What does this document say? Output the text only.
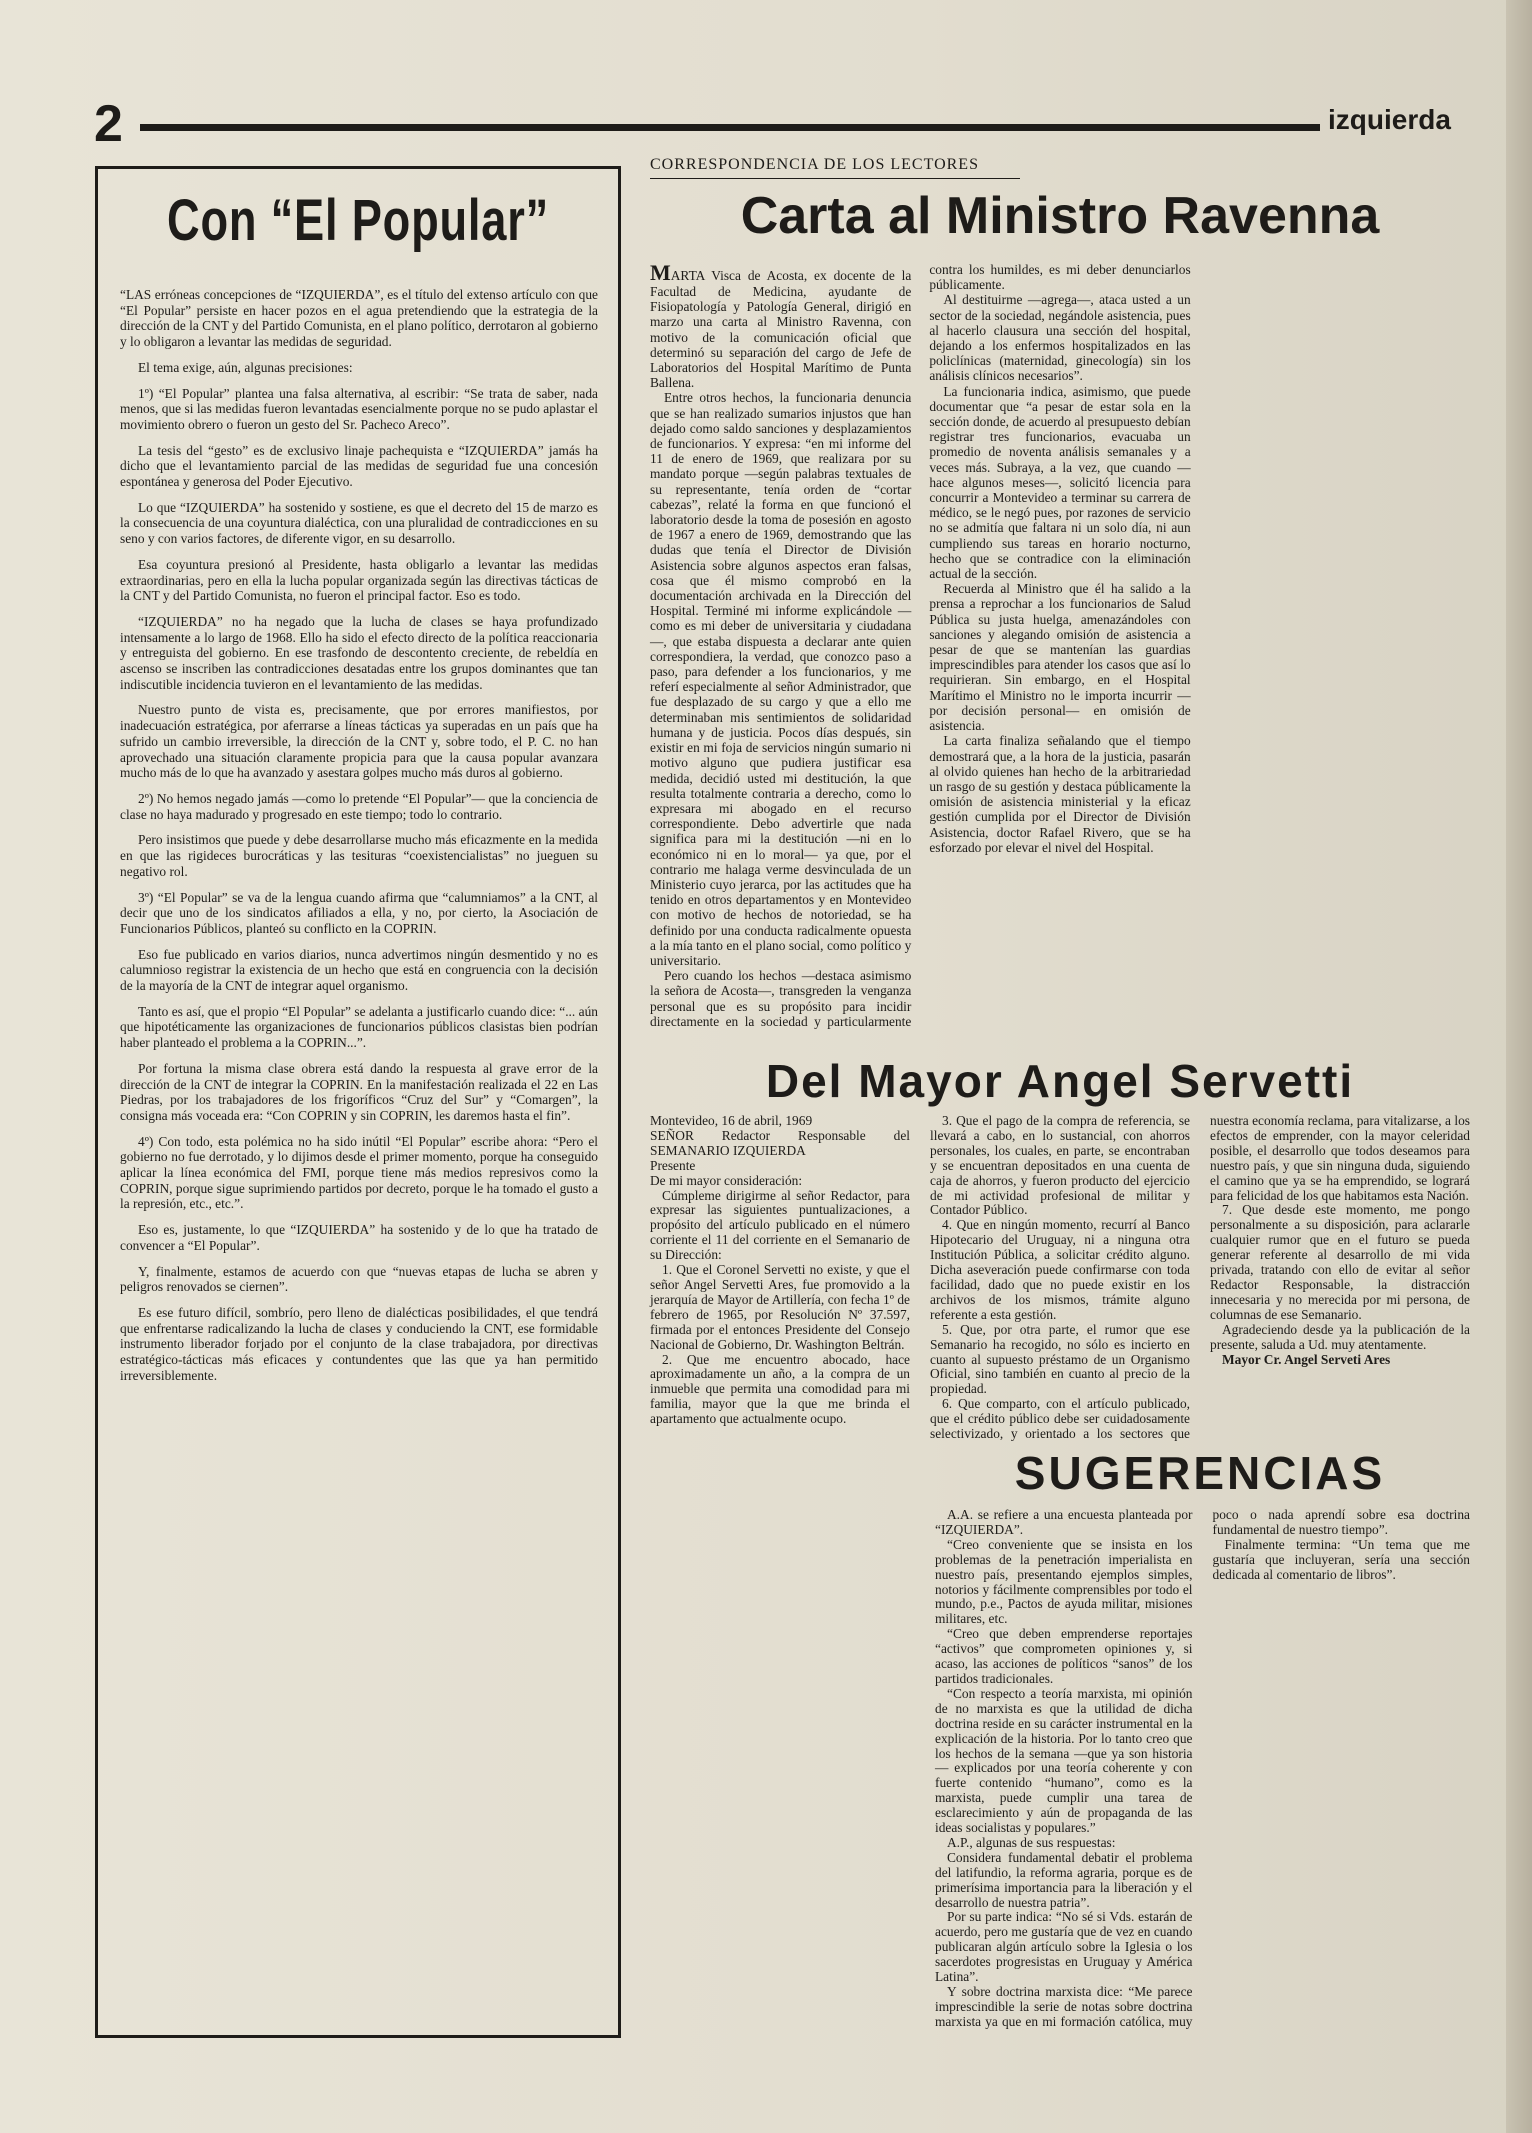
2	izquierda
Con “El Popular”

“LAS erróneas concepciones de “IZQUIERDA”, es el título del extenso artículo con que “El Popular” persiste en hacer pozos en el agua pretendiendo que la estrategia de la dirección de la CNT y del Partido Comunista, en el plano político, derrotaron al gobierno y lo obligaron a levantar las medidas de seguridad.

El tema exige, aún, algunas precisiones:

1º) “El Popular” plantea una falsa alternativa, al escribir: “Se trata de saber, nada menos, que si las medidas fueron levantadas esencialmente porque no se pudo aplastar el movimiento obrero o fueron un gesto del Sr. Pacheco Areco”.

La tesis del “gesto” es de exclusivo linaje pachequista e “IZQUIERDA” jamás ha dicho que el levantamiento parcial de las medidas de seguridad fue una concesión espontánea y generosa del Poder Ejecutivo.

Lo que “IZQUIERDA” ha sostenido y sostiene, es que el decreto del 15 de marzo es la consecuencia de una coyuntura dialéctica, con una pluralidad de contradicciones en su seno y con varios factores, de diferente vigor, en su desarrollo.

Esa coyuntura presionó al Presidente, hasta obligarlo a levantar las medidas extraordinarias, pero en ella la lucha popular organizada según las directivas tácticas de la CNT y del Partido Comunista, no fueron el principal factor. Eso es todo.

“IZQUIERDA” no ha negado que la lucha de clases se haya profundizado intensamente a lo largo de 1968. Ello ha sido el efecto directo de la política reaccionaria y entreguista del gobierno. En ese trasfondo de descontento creciente, de rebeldía en ascenso se inscriben las contradicciones desatadas entre los grupos dominantes que tan indiscutible incidencia tuvieron en el levantamiento de las medidas.

Nuestro punto de vista es, precisamente, que por errores manifiestos, por inadecuación estratégica, por aferrarse a líneas tácticas ya superadas en un país que ha sufrido un cambio irreversible, la dirección de la CNT y, sobre todo, el P. C. no han aprovechado una situación claramente propicia para que la causa popular avanzara mucho más de lo que ha avanzado y asestara golpes mucho más duros al gobierno.

2º) No hemos negado jamás —como lo pretende “El Popular”— que la conciencia de clase no haya madurado y progresado en este tiempo; todo lo contrario.

Pero insistimos que puede y debe desarrollarse mucho más eficazmente en la medida en que las rigideces burocráticas y las tesituras “coexistencialistas” no jueguen su negativo rol.

3º) “El Popular” se va de la lengua cuando afirma que “calumniamos” a la CNT, al decir que uno de los sindicatos afiliados a ella, y no, por cierto, la Asociación de Funcionarios Públicos, planteó su conflicto en la COPRIN.

Eso fue publicado en varios diarios, nunca advertimos ningún desmentido y no es calumnioso registrar la existencia de un hecho que está en congruencia con la decisión de la mayoría de la CNT de integrar aquel organismo.

Tanto es así, que el propio “El Popular” se adelanta a justificarlo cuando dice: “... aún que hipotéticamente las organizaciones de funcionarios públicos clasistas bien podrían haber planteado el problema a la COPRIN...”.

Por fortuna la misma clase obrera está dando la respuesta al grave error de la dirección de la CNT de integrar la COPRIN. En la manifestación realizada el 22 en Las Piedras, por los trabajadores de los frigoríficos “Cruz del Sur” y “Comargen”, la consigna más voceada era: “Con COPRIN y sin COPRIN, les daremos hasta el fin”.

4º) Con todo, esta polémica no ha sido inútil “El Popular” escribe ahora: “Pero el gobierno no fue derrotado, y lo dijimos desde el primer momento, porque ha conseguido aplicar la línea económica del FMI, porque tiene más medios represivos como la COPRIN, porque sigue suprimiendo partidos por decreto, porque le ha tomado el gusto a la represión, etc., etc.”.

Eso es, justamente, lo que “IZQUIERDA” ha sostenido y de lo que ha tratado de convencer a “El Popular”.

Y, finalmente, estamos de acuerdo con que “nuevas etapas de lucha se abren y peligros renovados se ciernen”.

Es ese futuro difícil, sombrío, pero lleno de dialécticas posibilidades, el que tendrá que enfrentarse radicalizando la lucha de clases y conduciendo la CNT, ese formidable instrumento liberador forjado por el conjunto de la clase trabajadora, por directivas estratégico-tácticas más eficaces y contundentes que las que ya han permitido irreversiblemente.

CORRESPONDENCIA DE LOS LECTORES
Carta al Ministro Ravenna

MARTA Visca de Acosta, ex docente de la Facultad de Medicina, ayudante de Fisiopatología y Patología General, dirigió en marzo una carta al Ministro Ravenna, con motivo de la comunicación oficial que determinó su separación del cargo de Jefe de Laboratorios del Hospital Marítimo de Punta Ballena.

Entre otros hechos, la funcionaria denuncia que se han realizado sumarios injustos que han dejado como saldo sanciones y desplazamientos de funcionarios. Y expresa: “en mi informe del 11 de enero de 1969, que realizara por su mandato porque —según palabras textuales de su representante, tenía orden de “cortar cabezas”, relaté la forma en que funcionó el laboratorio desde la toma de posesión en agosto de 1967 a enero de 1969, demostrando que las dudas que tenía el Director de División Asistencia sobre algunos aspectos eran falsas, cosa que él mismo comprobó en la documentación archivada en la Dirección del Hospital. Terminé mi informe explicándole —como es mi deber de universitaria y ciudadana—, que estaba dispuesta a declarar ante quien correspondiera, la verdad, que conozco paso a paso, para defender a los funcionarios, y me referí especialmente al señor Administrador, que fue desplazado de su cargo y que a ello me determinaban mis sentimientos de solidaridad humana y de justicia. Pocos días después, sin existir en mi foja de servicios ningún sumario ni motivo alguno que pudiera justificar esa medida, decidió usted mi destitución, la que resulta totalmente contraria a derecho, como lo expresara mi abogado en el recurso correspondiente. Debo advertirle que nada significa para mi la destitución —ni en lo económico ni en lo moral— ya que, por el contrario me halaga verme desvinculada de un Ministerio cuyo jerarca, por las actitudes que ha tenido en otros departamentos y en Montevideo con motivo de hechos de notoriedad, se ha definido por una conducta radicalmente opuesta a la mía tanto en el plano social, como político y universitario.

Pero cuando los hechos —destaca asimismo la señora de Acosta—, transgreden la venganza personal que es su propósito para incidir directamente en la sociedad y particularmente contra los humildes, es mi deber denunciarlos públicamente.

Al destituirme —agrega—, ataca usted a un sector de la sociedad, negándole asistencia, pues al hacerlo clausura una sección del hospital, dejando a los enfermos hospitalizados en las policlínicas (maternidad, ginecología) sin los análisis clínicos necesarios”.

La funcionaria indica, asimismo, que puede documentar que “a pesar de estar sola en la sección donde, de acuerdo al presupuesto debían registrar tres funcionarios, evacuaba un promedio de noventa análisis semanales y a veces más. Subraya, a la vez, que cuando —hace algunos meses—, solicitó licencia para concurrir a Montevideo a terminar su carrera de médico, se le negó pues, por razones de servicio no se admitía que faltara ni un solo día, ni aun cumpliendo sus tareas en horario nocturno, hecho que se contradice con la eliminación actual de la sección.

Recuerda al Ministro que él ha salido a la prensa a reprochar a los funcionarios de Salud Pública su justa huelga, amenazándoles con sanciones y alegando omisión de asistencia a pesar de que se mantenían las guardias imprescindibles para atender los casos que así lo requirieran. Sin embargo, en el Hospital Marítimo el Ministro no le importa incurrir —por decisión personal— en omisión de asistencia.

La carta finaliza señalando que el tiempo demostrará que, a la hora de la justicia, pasarán al olvido quienes han hecho de la arbitrariedad un rasgo de su gestión y destaca públicamente la omisión de asistencia ministerial y la eficaz gestión cumplida por el Director de División Asistencia, doctor Rafael Rivero, que se ha esforzado por elevar el nivel del Hospital.

Del Mayor Angel Servetti

Montevideo, 16 de abril, 1969

SEÑOR Redactor Responsable del SEMANARIO IZQUIERDA

Presente

De mi mayor consideración:

Cúmpleme dirigirme al señor Redactor, para expresar las siguientes puntualizaciones, a propósito del artículo publicado en el número corriente el 11 del corriente en el Semanario de su Dirección:

1. Que el Coronel Servetti no existe, y que el señor Angel Servetti Ares, fue promovido a la jerarquía de Mayor de Artillería, con fecha 1º de febrero de 1965, por Resolución Nº 37.597, firmada por el entonces Presidente del Consejo Nacional de Gobierno, Dr. Washington Beltrán.

2. Que me encuentro abocado, hace aproximadamente un año, a la compra de un inmueble que permita una comodidad para mi familia, mayor que la que me brinda el apartamento que actualmente ocupo.

3. Que el pago de la compra de referencia, se llevará a cabo, en lo sustancial, con ahorros personales, los cuales, en parte, se encontraban y se encuentran depositados en una cuenta de caja de ahorros, y fueron producto del ejercicio de mi actividad profesional de militar y Contador Público.

4. Que en ningún momento, recurrí al Banco Hipotecario del Uruguay, ni a ninguna otra Institución Pública, a solicitar crédito alguno. Dicha aseveración puede confirmarse con toda facilidad, dado que no puede existir en los archivos de los mismos, trámite alguno referente a esta gestión.

5. Que, por otra parte, el rumor que ese Semanario ha recogido, no sólo es incierto en cuanto al supuesto préstamo de un Organismo Oficial, sino también en cuanto al precio de la propiedad.

6. Que comparto, con el artículo publicado, que el crédito público debe ser cuidadosamente selectivizado, y orientado a los sectores que nuestra economía reclama, para vitalizarse, a los efectos de emprender, con la mayor celeridad posible, el desarrollo que todos deseamos para nuestro país, y que sin ninguna duda, siguiendo el camino que ya se ha emprendido, se logrará para felicidad de los que habitamos esta Nación.

7. Que desde este momento, me pongo personalmente a su disposición, para aclararle cualquier rumor que en el futuro se pueda generar referente al desarrollo de mi vida privada, tratando con ello de evitar al señor Redactor Responsable, la distracción innecesaria y no merecida por mi persona, de columnas de ese Semanario.

Agradeciendo desde ya la publicación de la presente, saluda a Ud. muy atentamente.

Mayor Cr. Angel Serveti Ares

SUGERENCIAS

A.A. se refiere a una encuesta planteada por “IZQUIERDA”.

“Creo conveniente que se insista en los problemas de la penetración imperialista en nuestro país, presentando ejemplos simples, notorios y fácilmente comprensibles por todo el mundo, p.e., Pactos de ayuda militar, misiones militares, etc.

“Creo que deben emprenderse reportajes “activos” que comprometen opiniones y, si acaso, las acciones de políticos “sanos” de los partidos tradicionales.

“Con respecto a teoría marxista, mi opinión de no marxista es que la utilidad de dicha doctrina reside en su carácter instrumental en la explicación de la historia. Por lo tanto creo que los hechos de la semana —que ya son historia— explicados por una teoría coherente y con fuerte contenido “humano”, como es la marxista, puede cumplir una tarea de esclarecimiento y aún de propaganda de las ideas socialistas y populares.”

A.P., algunas de sus respuestas:

Considera fundamental debatir el problema del latifundio, la reforma agraria, porque es de primerísima importancia para la liberación y el desarrollo de nuestra patria”.

Por su parte indica: “No sé si Vds. estarán de acuerdo, pero me gustaría que de vez en cuando publicaran algún artículo sobre la Iglesia o los sacerdotes progresistas en Uruguay y América Latina”.

Y sobre doctrina marxista dice: “Me parece imprescindible la serie de notas sobre doctrina marxista ya que en mi formación católica, muy poco o nada aprendí sobre esa doctrina fundamental de nuestro tiempo”.

Finalmente termina: “Un tema que me gustaría que incluyeran, sería una sección dedicada al comentario de libros”.
